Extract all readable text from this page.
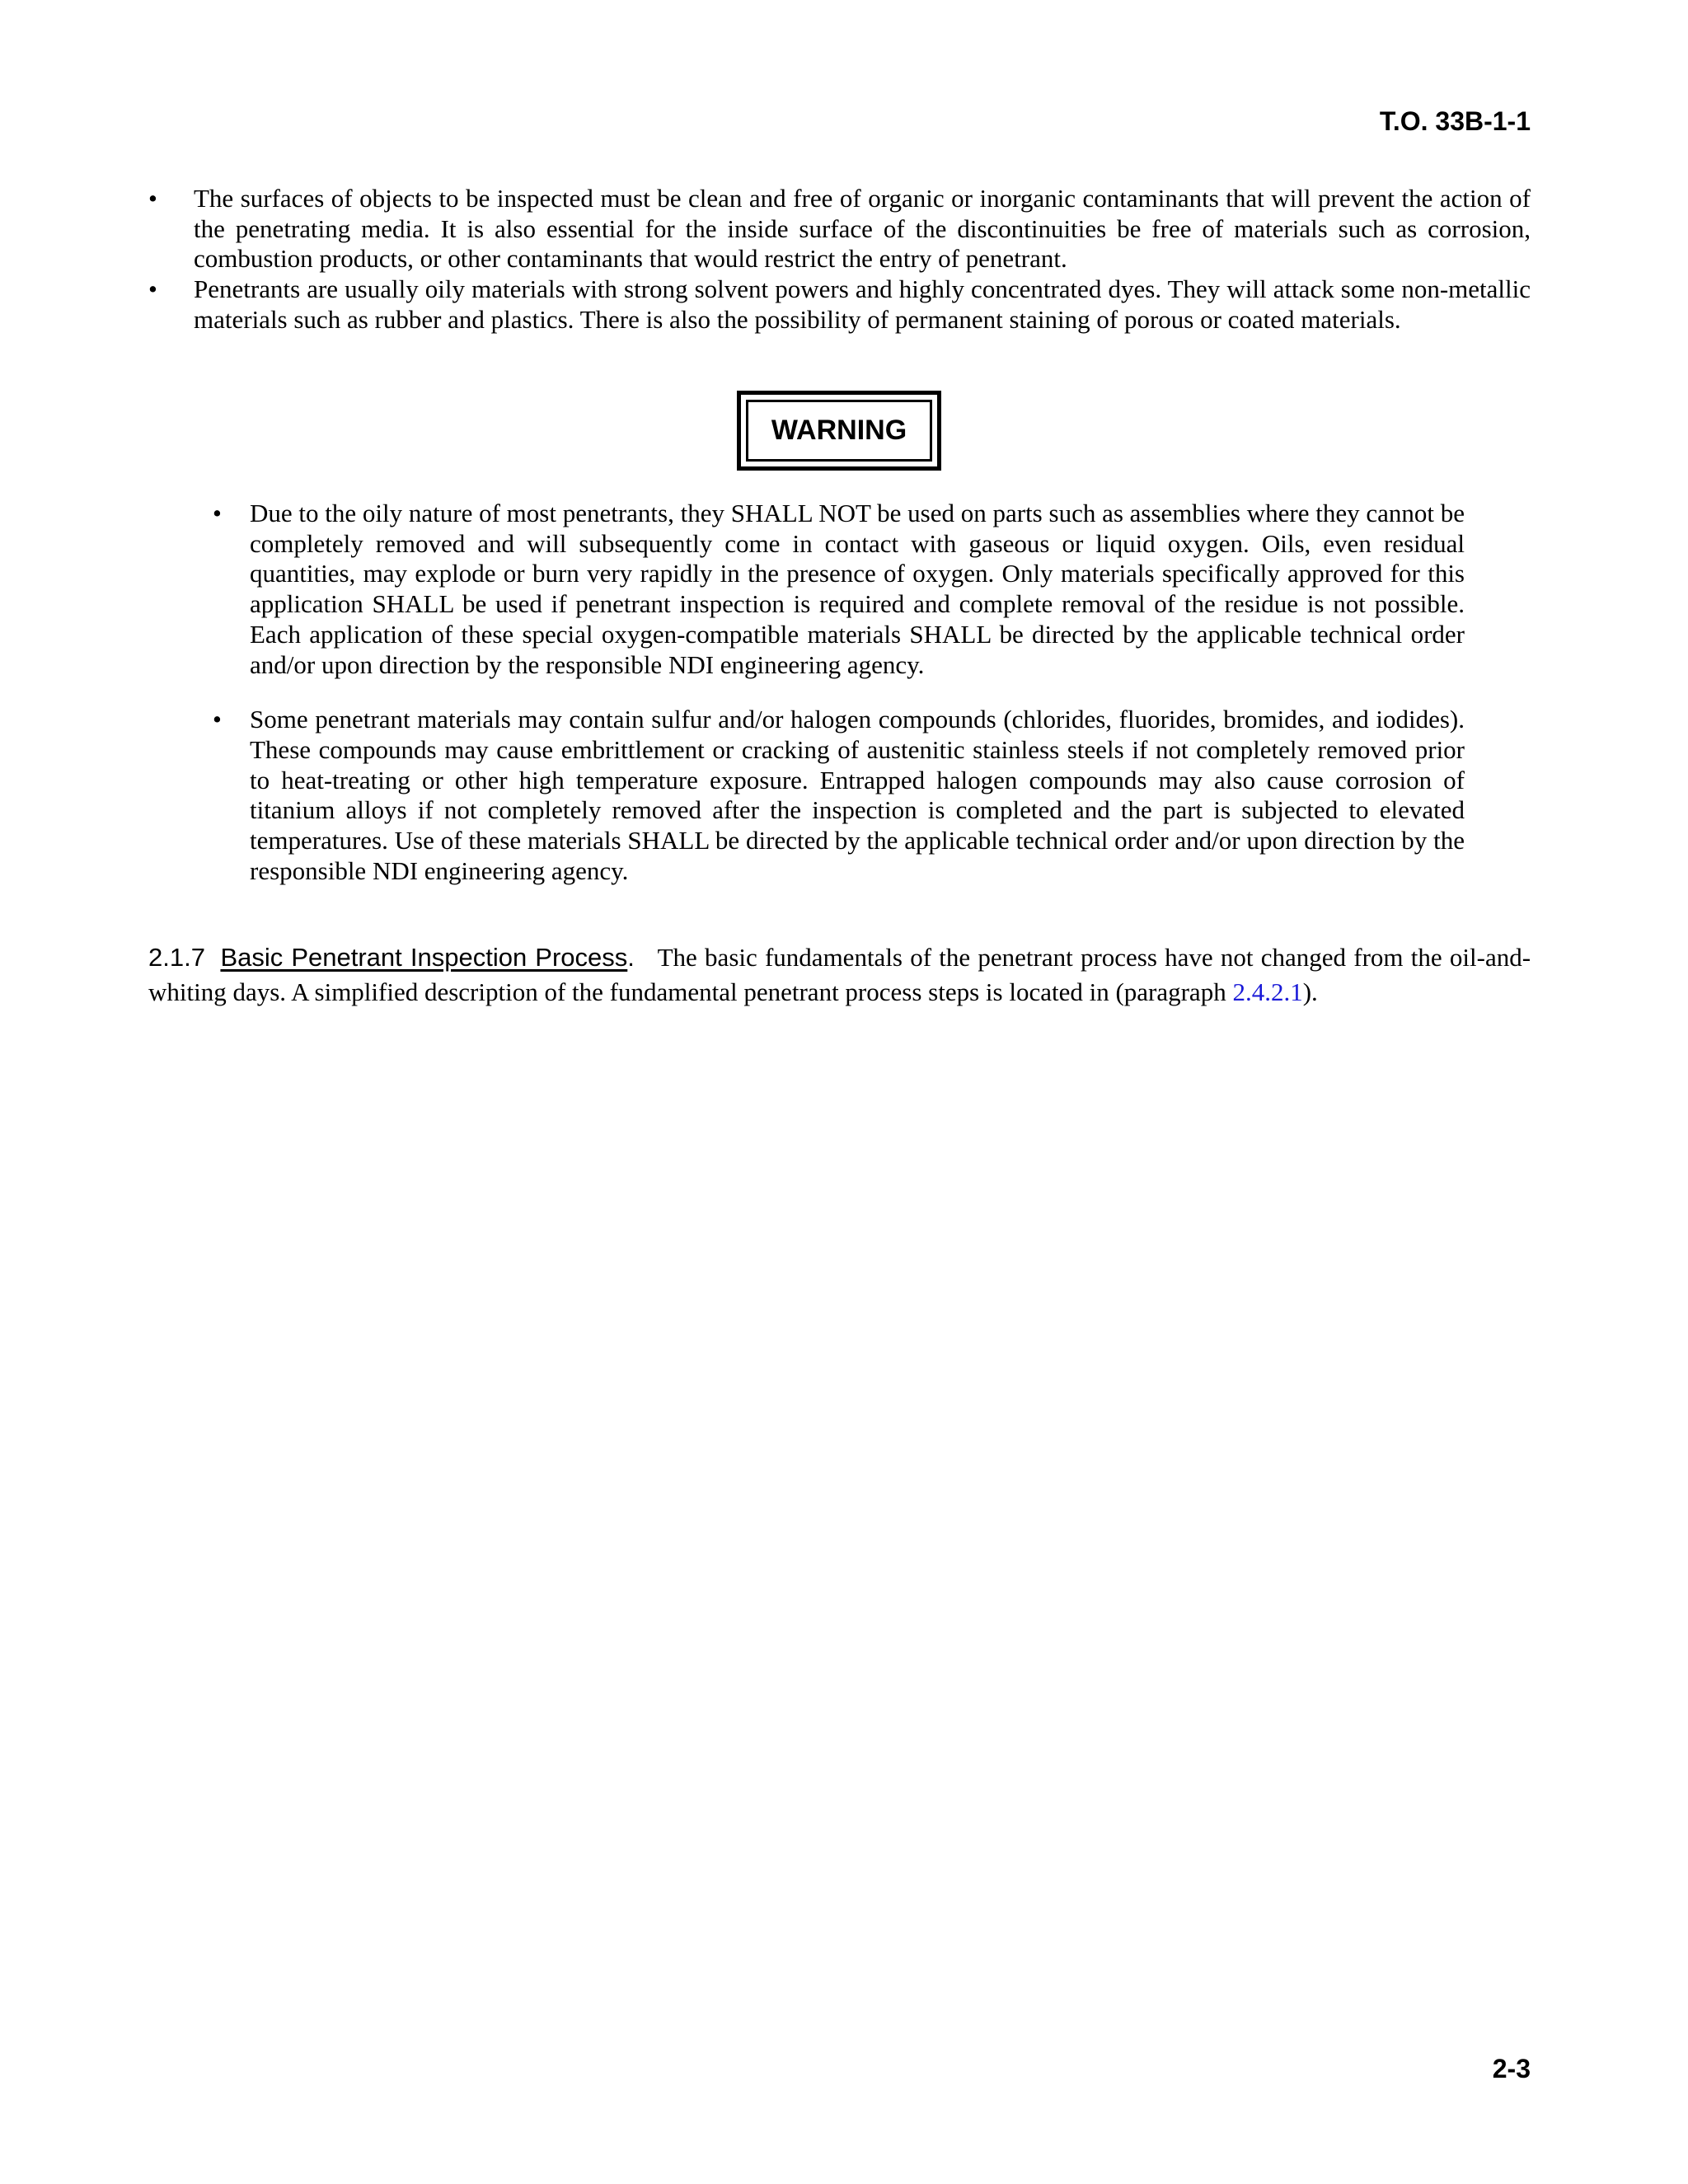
T.O. 33B-1-1
• The surfaces of objects to be inspected must be clean and free of organic or inorganic contaminants that will prevent the action of the penetrating media. It is also essential for the inside surface of the discontinuities be free of materials such as corrosion, combustion products, or other contaminants that would restrict the entry of penetrant.
• Penetrants are usually oily materials with strong solvent powers and highly concentrated dyes. They will attack some non-metallic materials such as rubber and plastics. There is also the possibility of permanent staining of porous or coated materials.
WARNING
• Due to the oily nature of most penetrants, they SHALL NOT be used on parts such as assemblies where they cannot be completely removed and will subsequently come in contact with gaseous or liquid oxygen. Oils, even residual quantities, may explode or burn very rapidly in the presence of oxygen. Only materials specifically approved for this application SHALL be used if penetrant inspection is required and complete removal of the residue is not possible. Each application of these special oxygen-compatible materials SHALL be directed by the applicable technical order and/or upon direction by the responsible NDI engineering agency.
• Some penetrant materials may contain sulfur and/or halogen compounds (chlorides, fluorides, bromides, and iodides). These compounds may cause embrittlement or cracking of austenitic stainless steels if not completely removed prior to heat-treating or other high temperature exposure. Entrapped halogen compounds may also cause corrosion of titanium alloys if not completely removed after the inspection is completed and the part is subjected to elevated temperatures. Use of these materials SHALL be directed by the applicable technical order and/or upon direction by the responsible NDI engineering agency.
2.1.7 Basic Penetrant Inspection Process. The basic fundamentals of the penetrant process have not changed from the oil-and-whiting days. A simplified description of the fundamental penetrant process steps is located in (paragraph 2.4.2.1).
2-3
